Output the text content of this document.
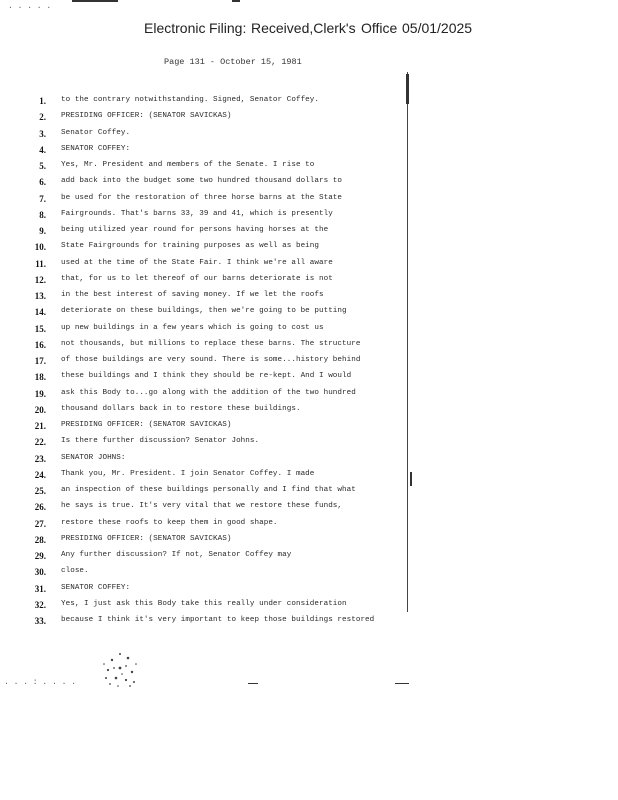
. . . . .
Electronic Filing: Received,Clerk's Office 05/01/2025
Page 131 - October 15, 1981
1. to the contrary notwithstanding. Signed, Senator Coffey.
2. PRESIDING OFFICER: (SENATOR SAVICKAS)
3. Senator Coffey.
4. SENATOR COFFEY:
5. Yes, Mr. President and members of the Senate. I rise to
6. add back into the budget some two hundred thousand dollars to
7. be used for the restoration of three horse barns at the State
8. Fairgrounds. That's barns 33, 39 and 41, which is presently
9. being utilized year round for persons having horses at the
10. State Fairgrounds for training purposes as well as being
11. used at the time of the State Fair. I think we're all aware
12. that, for us to let thereof of our barns deteriorate is not
13. in the best interest of saving money. If we let the roofs
14. deteriorate on these buildings, then we're going to be putting
15. up new buildings in a few years which is going to cost us
16. not thousands, but millions to replace these barns. The structure
17. of those buildings are very sound. There is some...history behind
18. these buildings and I think they should be re-kept. And I would
19. ask this Body to...go along with the addition of the two hundred
20. thousand dollars back in to restore these buildings.
21. PRESIDING OFFICER: (SENATOR SAVICKAS)
22. Is there further discussion? Senator Johns.
23. SENATOR JOHNS:
24. Thank you, Mr. President. I join Senator Coffey. I made
25. an inspection of these buildings personally and I find that what
26. he says is true. It's very vital that we restore these funds,
27. restore these roofs to keep them in good shape.
28. PRESIDING OFFICER: (SENATOR SAVICKAS)
29. Any further discussion? If not, Senator Coffey may
30. close.
31. SENATOR COFFEY:
32. Yes, I just ask this Body take this really under consideration
33. because I think it's very important to keep those buildings restored
. . . : . . . .
